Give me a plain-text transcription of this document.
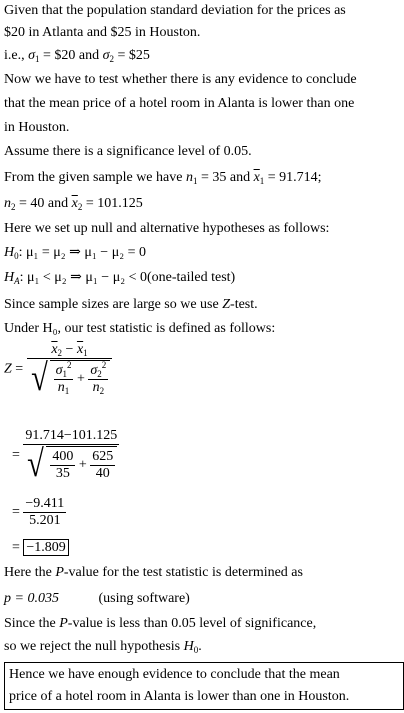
Given that the population standard deviation for the prices as
$20 in Atlanta and $25 in Houston.
i.e., $\sigma_1$ = $20 and $\sigma_2$ = $25
Now we have to test whether there is any evidence to conclude
that the mean price of a hotel room in Alanta is lower than one
in Houston.
Assume there is a significance level of 0.05.
From the given sample we have $n_1 = 35$ and $\overline{x}_1 = 91.714$;
$n_2 = 40$ and $\overline{x}_2 = 101.125$
Here we set up null and alternative hypotheses as follows:
$H_0$: μ₁ = μ₂ ⇒ μ₁ − μ₂ = 0
$H_A$: μ₁ < μ₂ ⇒ μ₁ − μ₂ < 0(one-tailed test)
Since sample sizes are large so we use Z-test.
Under H₀, our test statistic is defined as follows:
$Z = \frac{\overline{x}_2 - \overline{x}_1}{√ \frac{\sigma_1^2}{n_1} + \frac{\sigma_2^2}{n_2}}$
= $\frac{91.714-101.125}{√ \frac{400}{35} + \frac{625}{40}}$
= $\frac{-9.411}{5.201}$
= −1.809
Here the P-value for the test statistic is determined as
p = 0.035	(using software)
Since the P-value is less than 0.05 level of significance,
so we reject the null hypothesis $H_0$.
Hence we have enough evidence to conclude that the mean
price of a hotel room in Alanta is lower than one in Houston.
